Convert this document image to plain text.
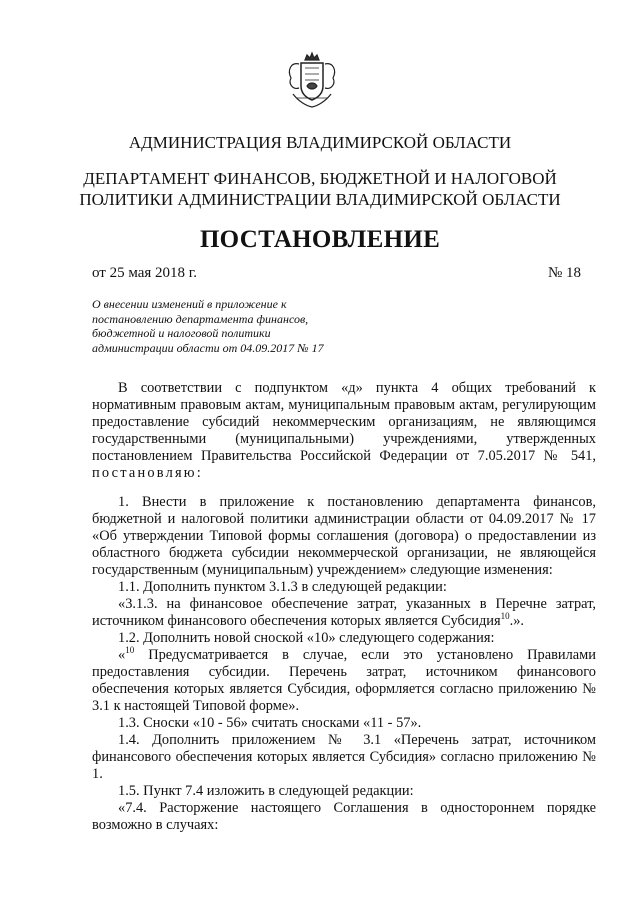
АДМИНИСТРАЦИЯ ВЛАДИМИРСКОЙ ОБЛАСТИ
ДЕПАРТАМЕНТ ФИНАНСОВ, БЮДЖЕТНОЙ И НАЛОГОВОЙ
ПОЛИТИКИ АДМИНИСТРАЦИИ ВЛАДИМИРСКОЙ ОБЛАСТИ
ПОСТАНОВЛЕНИЕ
от 25 мая 2018 г.	№ 18
О внесении изменений в приложение к
постановлению департамента финансов,
бюджетной и налоговой политики
администрации области от 04.09.2017 № 17

В соответствии с подпунктом «д» пункта 4 общих требований к нормативным правовым актам, муниципальным правовым актам, регулирующим предоставление субсидий некоммерческим организациям, не являющимся государственными (муниципальными) учреждениями, утвержденных постановлением Правительства Российской Федерации от 7.05.2017 № 541, постановляю:

1. Внести в приложение к постановлению департамента финансов, бюджетной и налоговой политики администрации области от 04.09.2017 № 17 «Об утверждении Типовой формы соглашения (договора) о предоставлении из областного бюджета субсидии некоммерческой организации, не являющейся государственным (муниципальным) учреждением» следующие изменения:

1.1. Дополнить пунктом 3.1.3 в следующей редакции:

«3.1.3. на финансовое обеспечение затрат, указанных в Перечне затрат, источником финансового обеспечения которых является Субсидия$^{10}$.».

1.2. Дополнить новой сноской «10» следующего содержания:

«$^{10}$ Предусматривается в случае, если это установлено Правилами предоставления субсидии. Перечень затрат, источником финансового обеспечения которых является Субсидия, оформляется согласно приложению № 3.1 к настоящей Типовой форме».

1.3. Сноски «10 - 56» считать сносками «11 - 57».

1.4. Дополнить приложением № 3.1 «Перечень затрат, источником финансового обеспечения которых является Субсидия» согласно приложению № 1.

1.5. Пункт 7.4 изложить в следующей редакции:

«7.4. Расторжение настоящего Соглашения в одностороннем порядке возможно в случаях:
